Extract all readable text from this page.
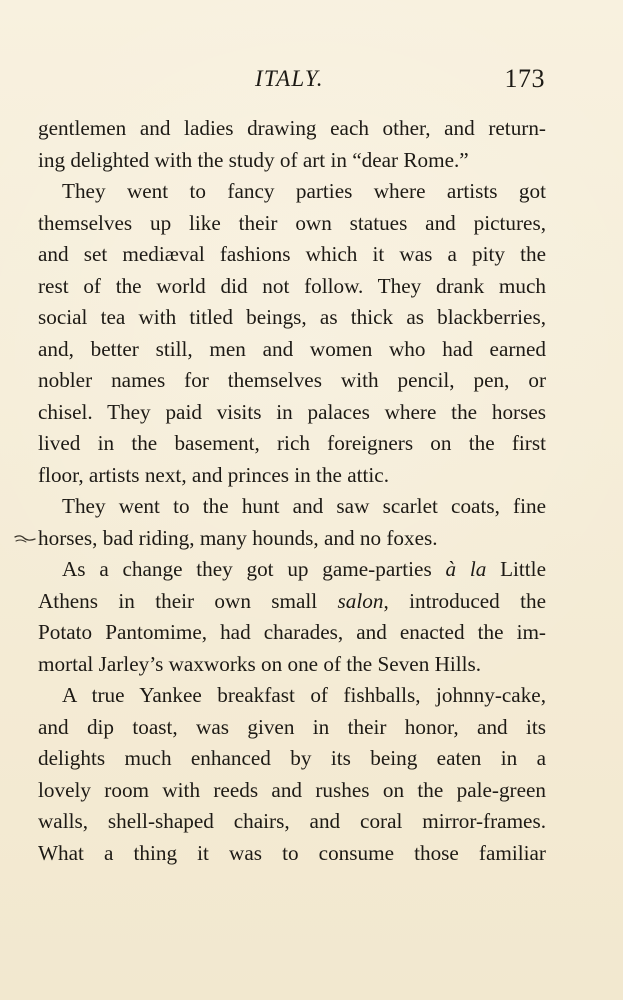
ITALY.	173
gentlemen and ladies drawing each other, and return-
ing delighted with the study of art in “dear Rome.”
They went to fancy parties where artists got
themselves up like their own statues and pictures,
and set mediæval fashions which it was a pity the
rest of the world did not follow. They drank much
social tea with titled beings, as thick as blackberries,
and, better still, men and women who had earned
nobler names for themselves with pencil, pen, or
chisel. They paid visits in palaces where the horses
lived in the basement, rich foreigners on the first
floor, artists next, and princes in the attic.
They went to the hunt and saw scarlet coats, fine
horses, bad riding, many hounds, and no foxes.
As a change they got up game-parties à la Little
Athens in their own small salon, introduced the
Potato Pantomime, had charades, and enacted the im-
mortal Jarley’s waxworks on one of the Seven Hills.
A true Yankee breakfast of fishballs, johnny-cake,
and dip toast, was given in their honor, and its
delights much enhanced by its being eaten in a
lovely room with reeds and rushes on the pale-green
walls, shell-shaped chairs, and coral mirror-frames.
What a thing it was to consume those familiar
